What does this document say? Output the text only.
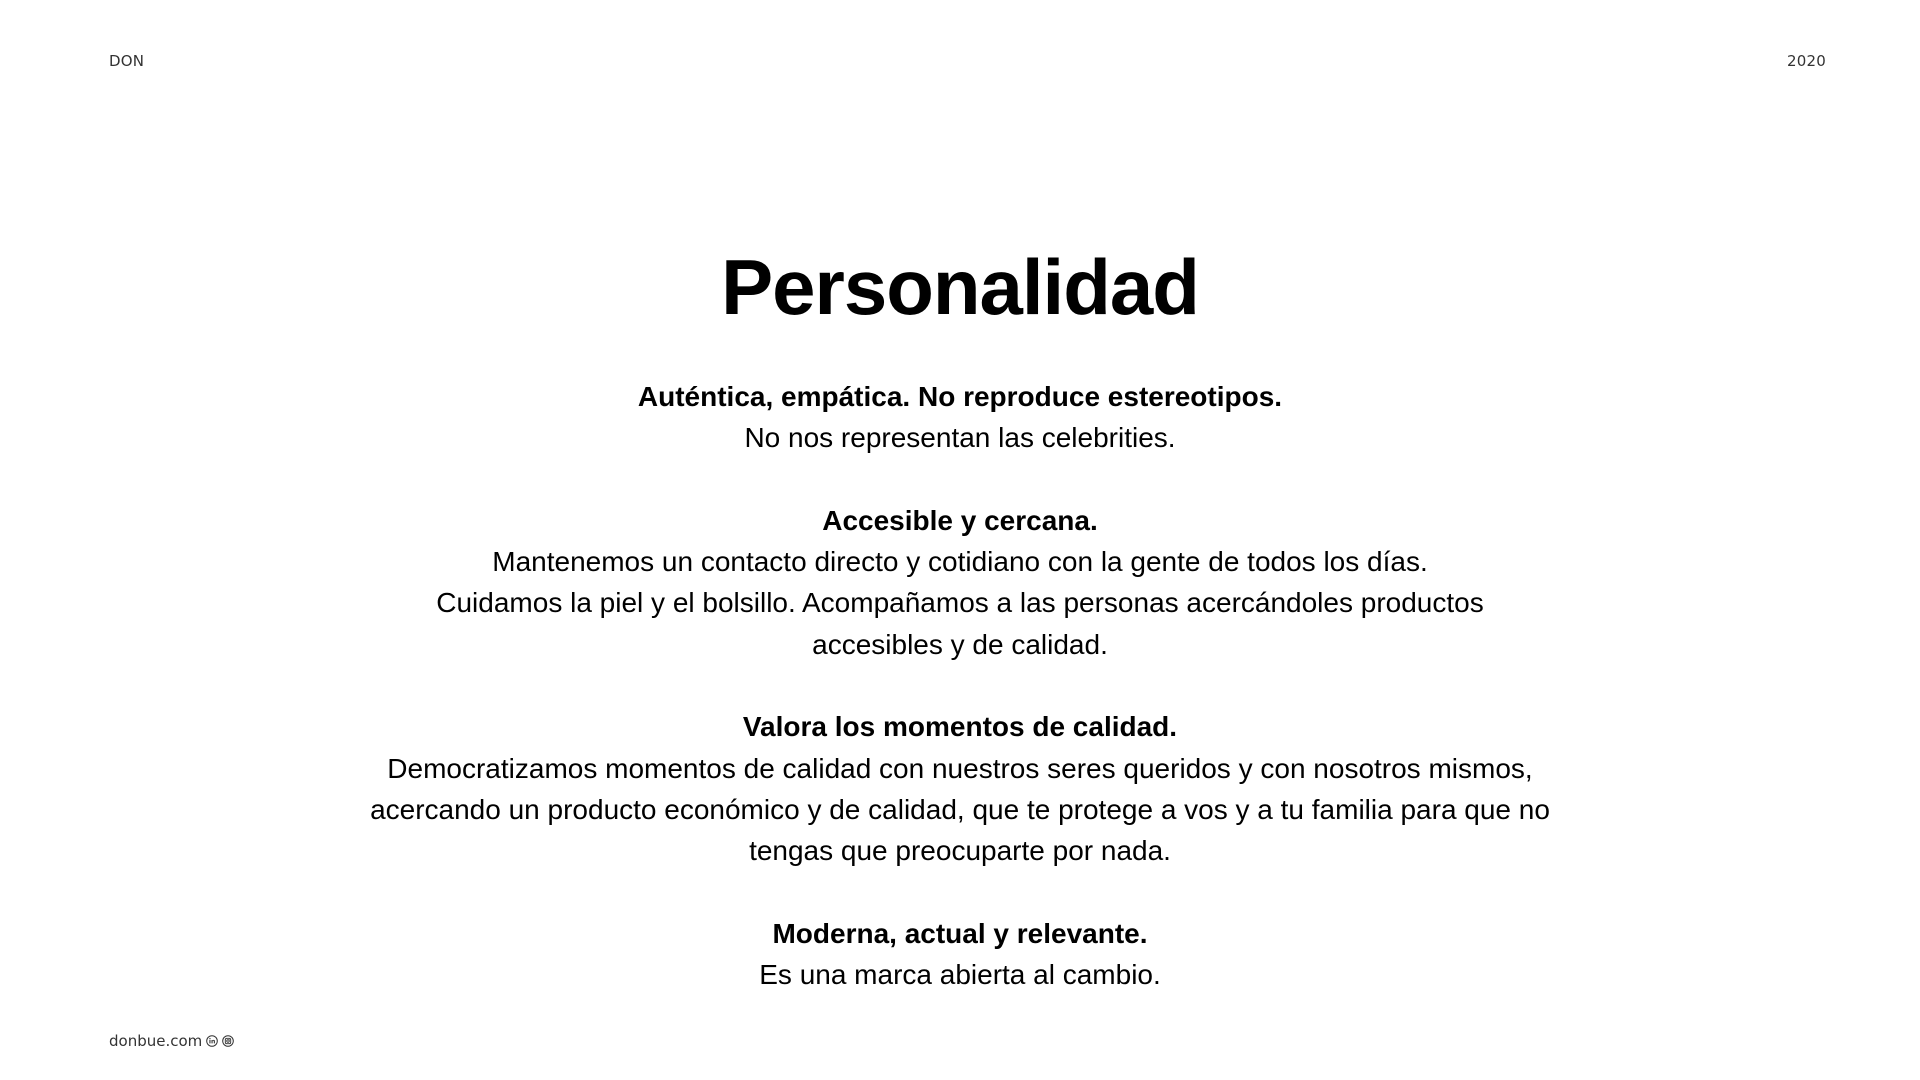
DON	2020
Personalidad
Auténtica, empática. No reproduce estereotipos.
No nos representan las celebrities.
Accesible y cercana.
Mantenemos un contacto directo y cotidiano con la gente de todos los días.
Cuidamos la piel y el bolsillo. Acompañamos a las personas acercándoles productos
accesibles y de calidad.
Valora los momentos de calidad.
Democratizamos momentos de calidad con nuestros seres queridos y con nosotros mismos,
acercando un producto económico y de calidad, que te protege a vos y a tu familia para que no
tengas que preocuparte por nada.
Moderna, actual y relevante.
Es una marca abierta al cambio.
donbue.com
